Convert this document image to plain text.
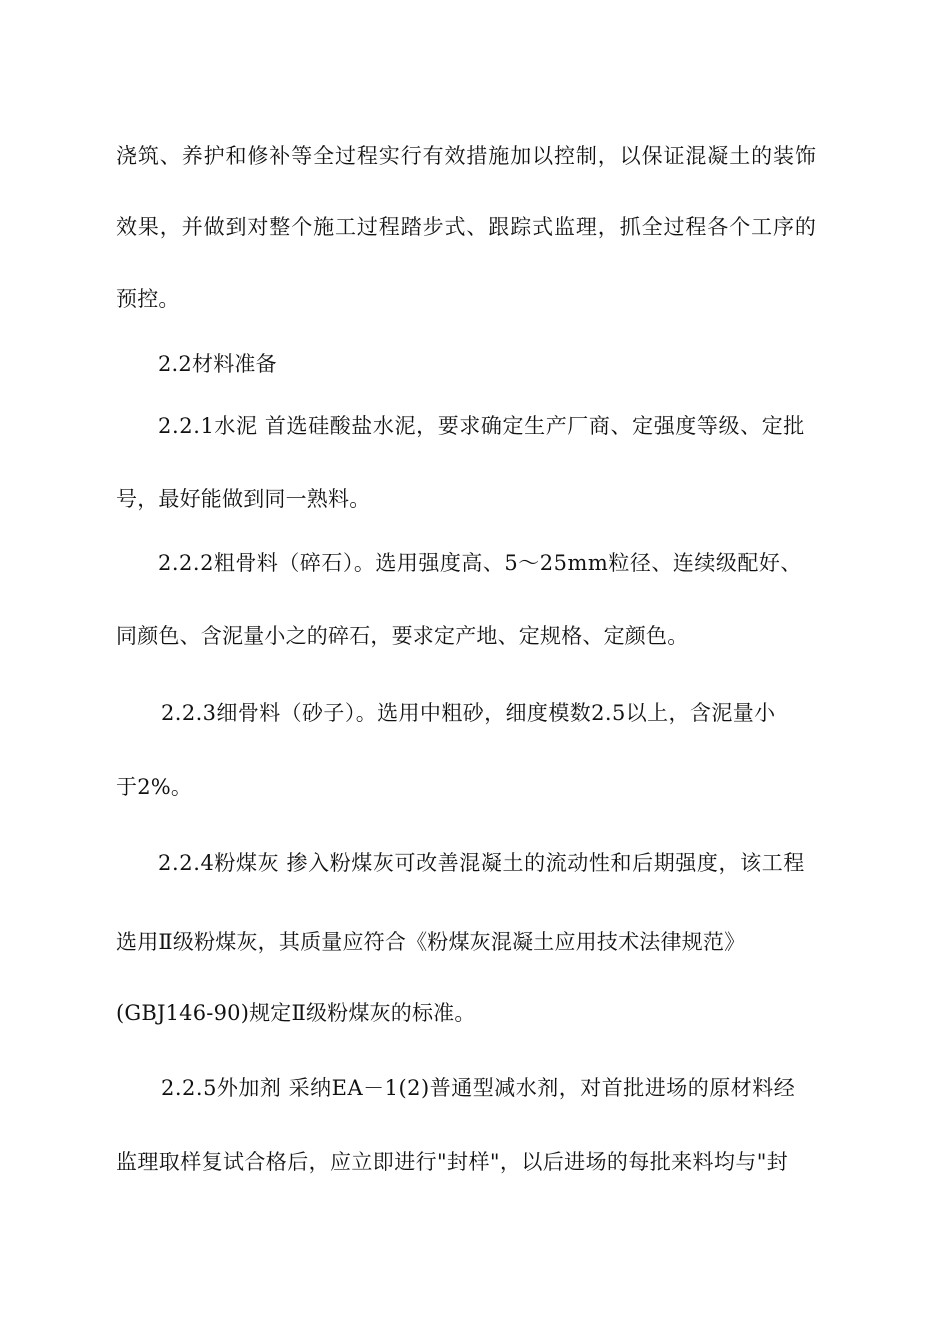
浇筑、养护和修补等全过程实行有效措施加以控制，以保证混凝土的装饰
效果，并做到对整个施工过程踏步式、跟踪式监理，抓全过程各个工序的
预控。
2.2材料准备
2.2.1水泥 首选硅酸盐水泥，要求确定生产厂商、定强度等级、定批
号，最好能做到同一熟料。
2.2.2粗骨料（碎石）。选用强度高、5～25mm粒径、连续级配好、
同颜色、含泥量小之的碎石，要求定产地、定规格、定颜色。
2.2.3细骨料（砂子）。选用中粗砂，细度模数2.5以上，含泥量小
于2%。
2.2.4粉煤灰 掺入粉煤灰可改善混凝土的流动性和后期强度，该工程
选用Ⅱ级粉煤灰，其质量应符合《粉煤灰混凝土应用技术法律规范》
(GBJ146-90)规定Ⅱ级粉煤灰的标准。
2.2.5外加剂 采纳EA－1(2)普通型减水剂，对首批进场的原材料经
监理取样复试合格后，应立即进行"封样"，以后进场的每批来料均与"封
